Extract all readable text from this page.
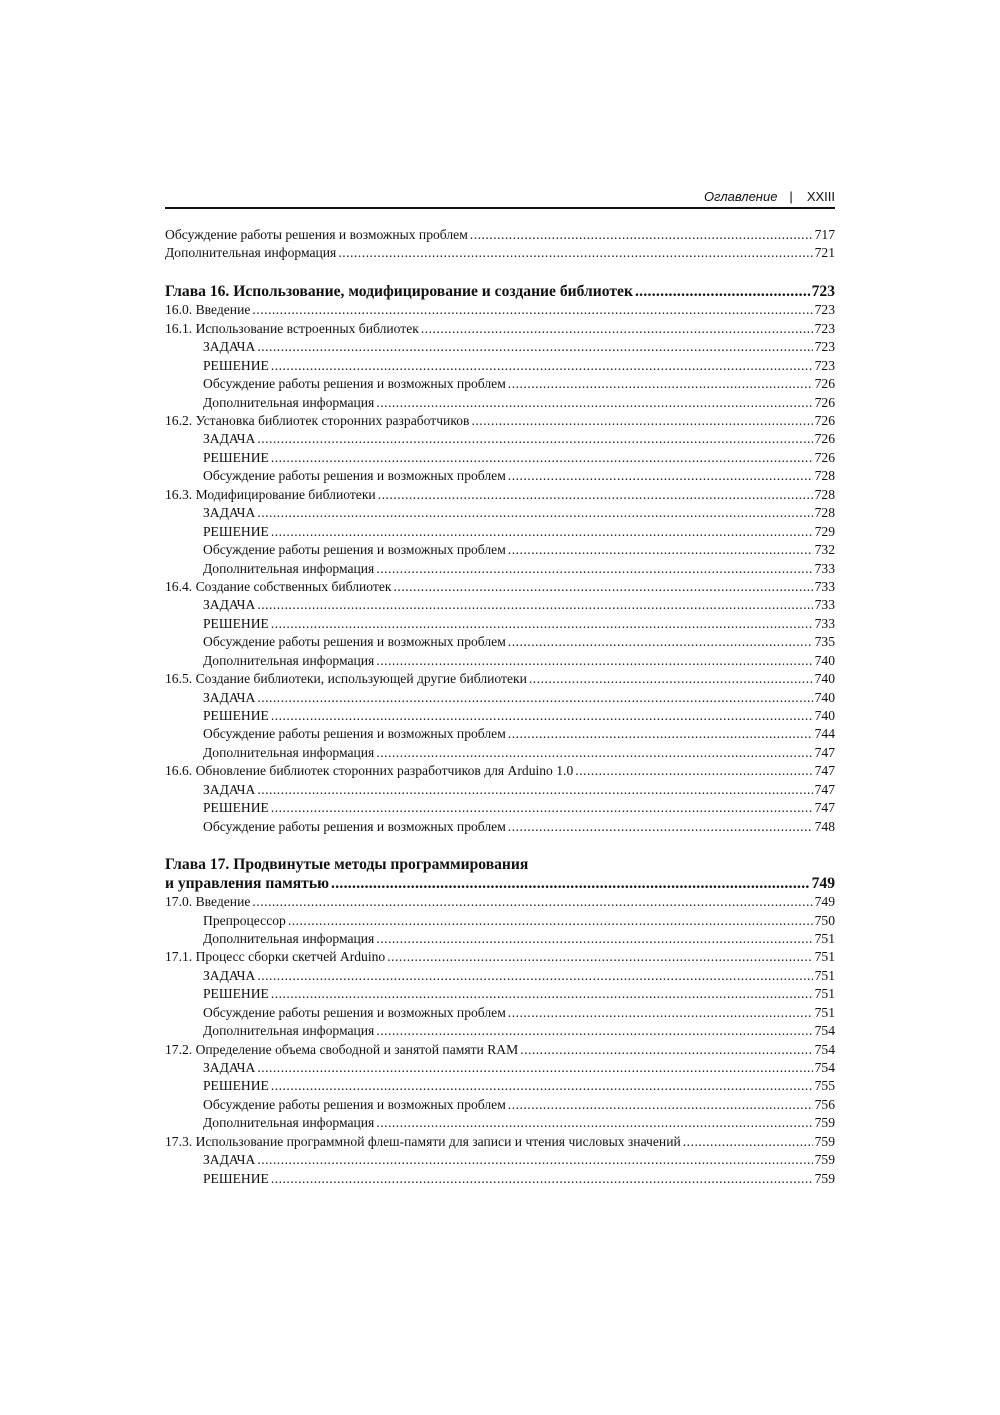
Оглавление | XXIII
Обсуждение работы решения и возможных проблем .....	717
Дополнительная информация .....	721
Глава 16. Использование, модифицирование и создание библиотек .....	723
16.0. Введение .....	723
16.1. Использование встроенных библиотек .....	723
ЗАДАЧА .....	723
РЕШЕНИЕ .....	723
Обсуждение работы решения и возможных проблем .....	726
Дополнительная информация .....	726
16.2. Установка библиотек сторонних разработчиков .....	726
ЗАДАЧА .....	726
РЕШЕНИЕ .....	726
Обсуждение работы решения и возможных проблем .....	728
16.3. Модифицирование библиотеки .....	728
ЗАДАЧА .....	728
РЕШЕНИЕ .....	729
Обсуждение работы решения и возможных проблем .....	732
Дополнительная информация .....	733
16.4. Создание собственных библиотек .....	733
ЗАДАЧА .....	733
РЕШЕНИЕ .....	733
Обсуждение работы решения и возможных проблем .....	735
Дополнительная информация .....	740
16.5. Создание библиотеки, использующей другие библиотеки .....	740
ЗАДАЧА .....	740
РЕШЕНИЕ .....	740
Обсуждение работы решения и возможных проблем .....	744
Дополнительная информация .....	747
16.6. Обновление библиотек сторонних разработчиков для Arduino 1.0 .....	747
ЗАДАЧА .....	747
РЕШЕНИЕ .....	747
Обсуждение работы решения и возможных проблем .....	748
Глава 17. Продвинутые методы программирования
и управления памятью .....	749
17.0. Введение .....	749
Препроцессор .....	750
Дополнительная информация .....	751
17.1. Процесс сборки скетчей Arduino .....	751
ЗАДАЧА .....	751
РЕШЕНИЕ .....	751
Обсуждение работы решения и возможных проблем .....	751
Дополнительная информация .....	754
17.2. Определение объема свободной и занятой памяти RAM .....	754
ЗАДАЧА .....	754
РЕШЕНИЕ .....	755
Обсуждение работы решения и возможных проблем .....	756
Дополнительная информация .....	759
17.3. Использование программной флеш-памяти для записи и чтения числовых значений .....	759
ЗАДАЧА .....	759
РЕШЕНИЕ .....	759
